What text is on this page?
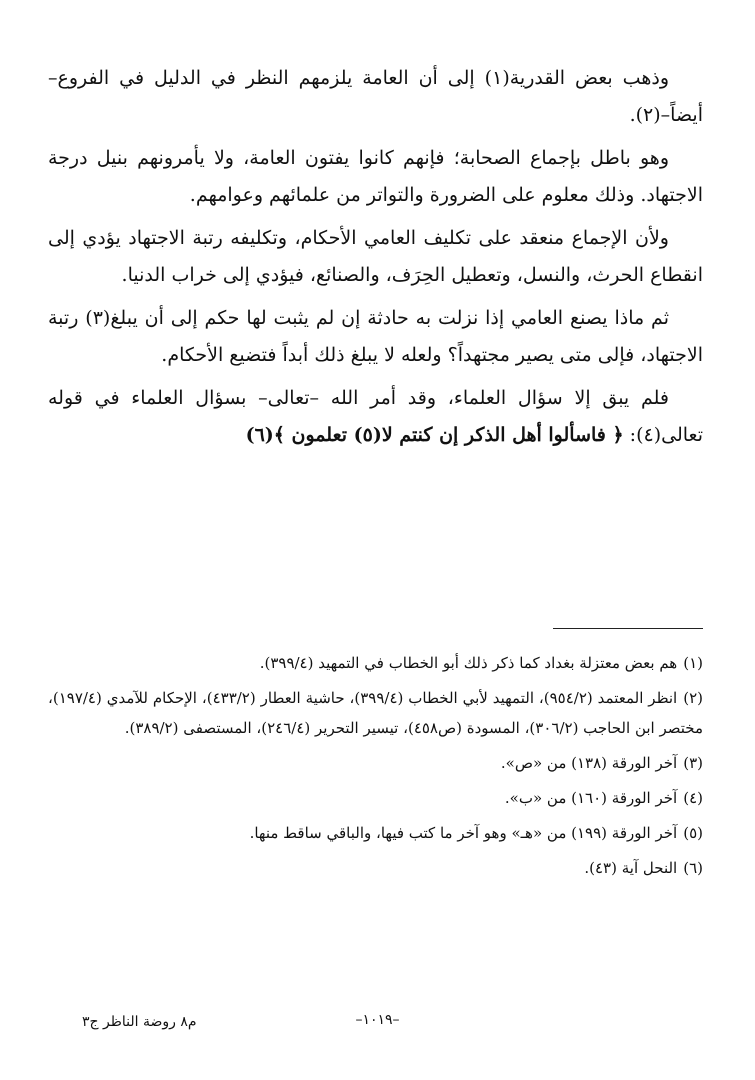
وذهب بعض القدرية(١) إلى أن العامة يلزمهم النظر في الدليل في الفروع– أيضاً–(٢).

وهو باطل بإجماع الصحابة؛ فإنهم كانوا يفتون العامة، ولا يأمرونهم بنيل درجة الاجتهاد. وذلك معلوم على الضرورة والتواتر من علمائهم وعوامهم.

ولأن الإجماع منعقد على تكليف العامي الأحكام، وتكليفه رتبة الاجتهاد يؤدي إلى انقطاع الحرث، والنسل، وتعطيل الحِرَف، والصنائع، فيؤدي إلى خراب الدنيا.

ثم ماذا يصنع العامي إذا نزلت به حادثة إن لم يثبت لها حكم إلى أن يبلغ(٣) رتبة الاجتهاد، فإلى متى يصير مجتهداً؟ ولعله لا يبلغ ذلك أبداً فتضيع الأحكام.

فلم يبق إلا سؤال العلماء، وقد أمر الله –تعالى– بسؤال العلماء في قوله تعالى(٤): ﴿ فاسألوا أهل الذكر إن كنتم لا(٥) تعلمون ﴾(٦)

(١)هم بعض معتزلة بغداد كما ذكر ذلك أبو الخطاب في التمهيد (٣٩٩/٤).

(٢)انظر المعتمد (٩٥٤/٢)، التمهيد لأبي الخطاب (٣٩٩/٤)، حاشية العطار (٤٣٣/٢)، الإحكام للآمدي (١٩٧/٤)، مختصر ابن الحاجب (٣٠٦/٢)، المسودة (ص٤٥٨)، تيسير التحرير (٢٤٦/٤)، المستصفى (٣٨٩/٢).

(٣)آخر الورقة (١٣٨) من «ص».

(٤)آخر الورقة (١٦٠) من «ب».

(٥)آخر الورقة (١٩٩) من «هـ» وهو آخر ما كتب فيها، والباقي ساقط منها.

(٦)النحل آية (٤٣).

–١٠١٩–
م٨ روضة الناظر ج٣
